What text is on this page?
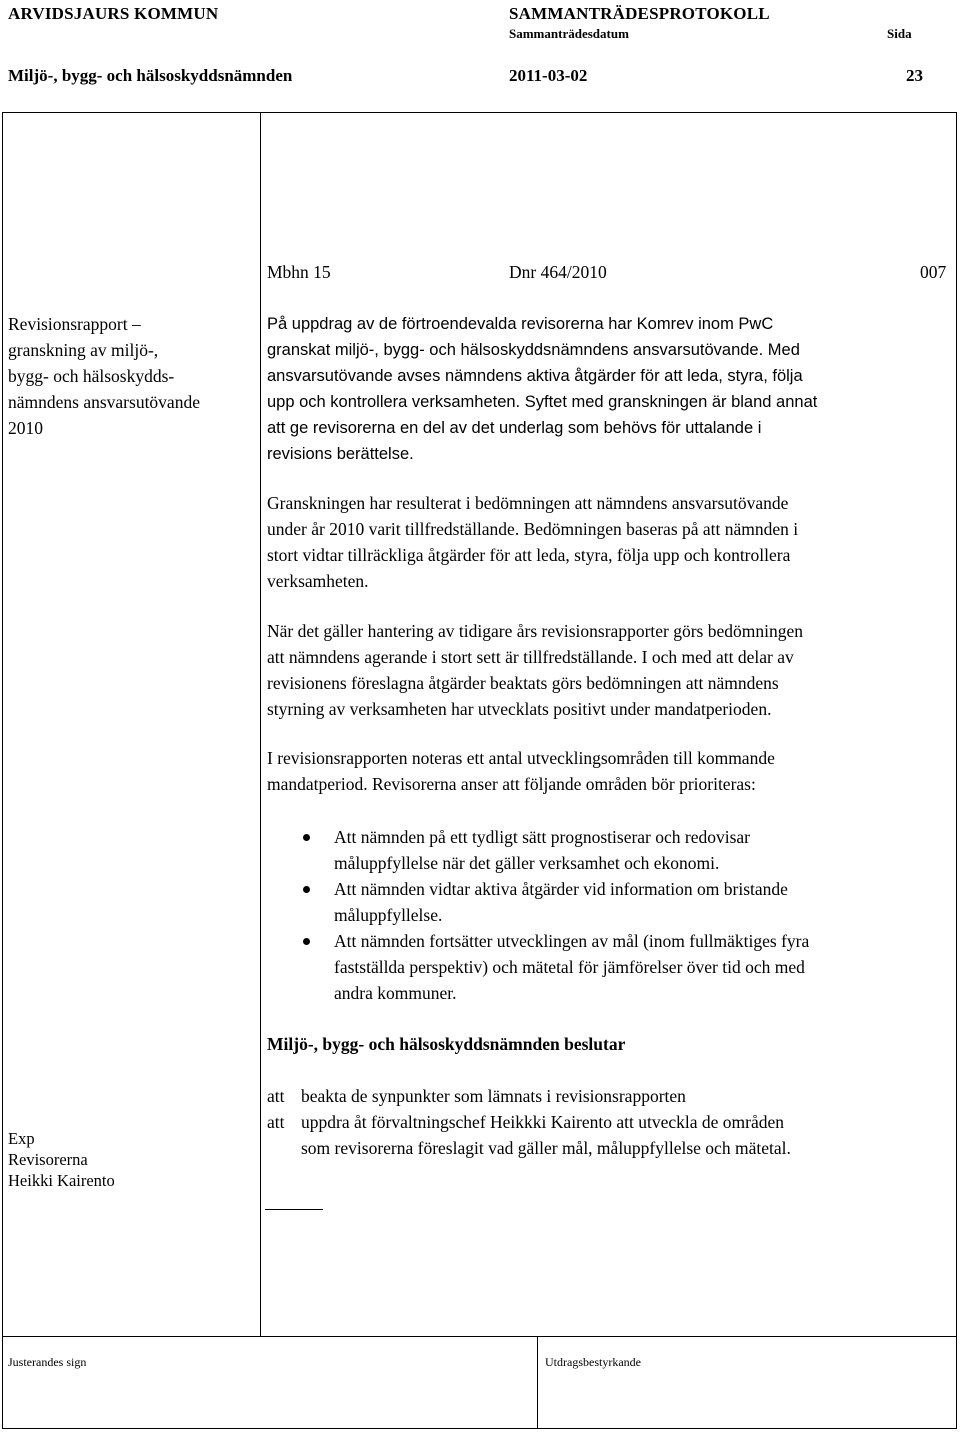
ARVIDSJAURS KOMMUN	SAMMANTRÄDESPROTOKOLL
Sammanträdesdatum	Sida
Miljö-, bygg- och hälsoskyddsnämnden	2011-03-02	23
Mbhn 15	Dnr 464/2010	007
Revisionsrapport –
granskning av miljö-,
bygg- och hälsoskydds-
nämndens ansvarsutövande
2010
På uppdrag av de förtroendevalda revisorerna har Komrev inom PwC
granskat miljö-, bygg- och hälsoskyddsnämndens ansvarsutövande. Med
ansvarsutövande avses nämndens aktiva åtgärder för att leda, styra, följa
upp och kontrollera verksamheten. Syftet med granskningen är bland annat
att ge revisorerna en del av det underlag som behövs för uttalande i
revisions berättelse.
Granskningen har resulterat i bedömningen att nämndens ansvarsutövande
under år 2010 varit tillfredställande. Bedömningen baseras på att nämnden i
stort vidtar tillräckliga åtgärder för att leda, styra, följa upp och kontrollera
verksamheten.
När det gäller hantering av tidigare års revisionsrapporter görs bedömningen
att nämndens agerande i stort sett är tillfredställande. I och med att delar av
revisionens föreslagna åtgärder beaktats görs bedömningen att nämndens
styrning av verksamheten har utvecklats positivt under mandatperioden.
I revisionsrapporten noteras ett antal utvecklingsområden till kommande
mandatperiod. Revisorerna anser att följande områden bör prioriteras:
Att nämnden på ett tydligt sätt prognostiserar och redovisar
måluppfyllelse när det gäller verksamhet och ekonomi.
Att nämnden vidtar aktiva åtgärder vid information om bristande
måluppfyllelse.
Att nämnden fortsätter utvecklingen av mål (inom fullmäktiges fyra
fastställda perspektiv) och mätetal för jämförelser över tid och med
andra kommuner.
Miljö-, bygg- och hälsoskyddsnämnden beslutar
Exp
Revisorerna
Heikki Kairento
att beakta de synpunkter som lämnats i revisionsrapporten
att uppdra åt förvaltningschef Heikkki Kairento att utveckla de områden
som revisorerna föreslagit vad gäller mål, måluppfyllelse och mätetal.
Justerandes sign	Utdragsbestyrkande
